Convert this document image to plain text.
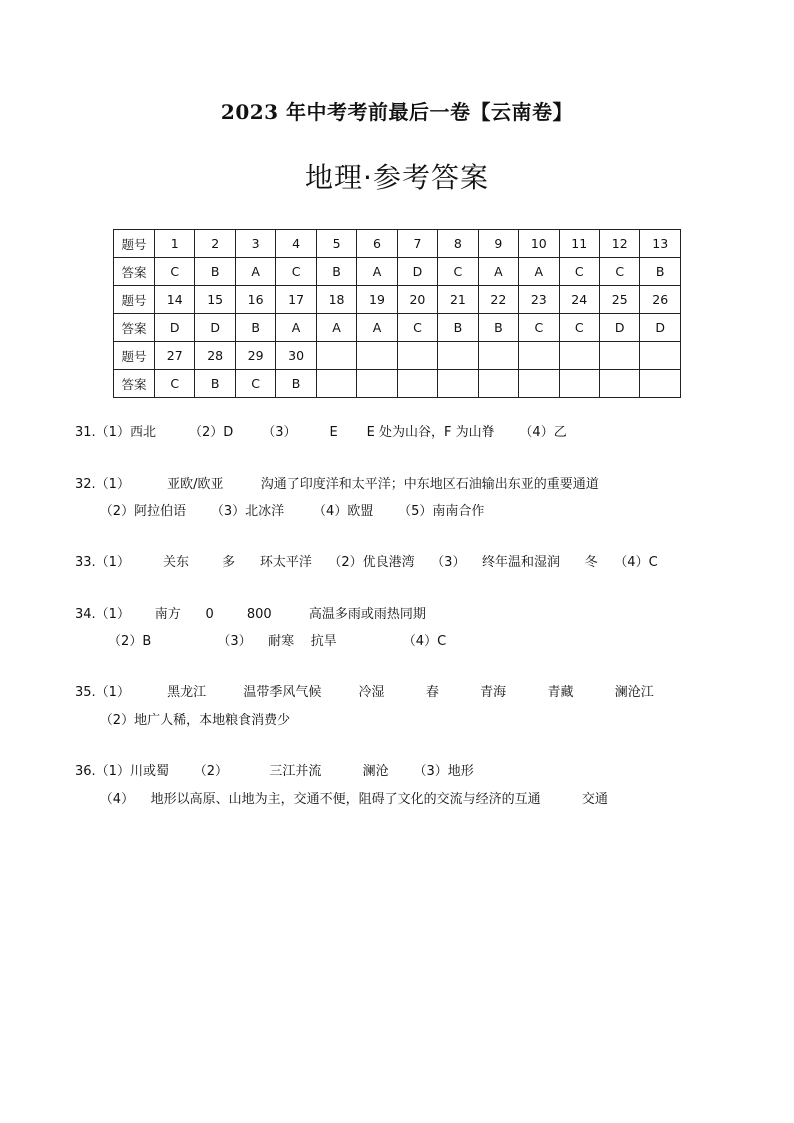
2023 年中考考前最后一卷【云南卷】
地理·参考答案
题号	1	2	3	4	5	6	7	8	9	10	11	12	13
答案	C	B	A	C	B	A	D	C	A	A	C	C	B
题号	14	15	16	17	18	19	20	21	22	23	24	25	26
答案	D	D	B	A	A	A	C	B	B	C	C	D	D
题号	27	28	29	30									
答案	C	B	C	B									
31.（1）西北        （2）D       （3）        E       E 处为山谷，F 为山脊      （4）乙
32.（1）         亚欧/欧亚         沟通了印度洋和太平洋；中东地区石油输出东亚的重要通道
（2）阿拉伯语      （3）北冰洋       （4）欧盟      （5）南南合作
33.（1）        关东        多      环太平洋    （2）优良港湾    （3）    终年温和湿润      冬    （4）C
34.（1）      南方      0        800         高温多雨或雨热同期
（2）B                （3）    耐寒    抗旱                （4）C
35.（1）         黑龙江         温带季风气候         冷湿          春          青海          青藏          澜沧江
（2）地广人稀，本地粮食消费少
36.（1）川或蜀      （2）          三江并流          澜沧      （3）地形
（4）    地形以高原、山地为主，交通不便，阻碍了文化的交流与经济的互通          交通
